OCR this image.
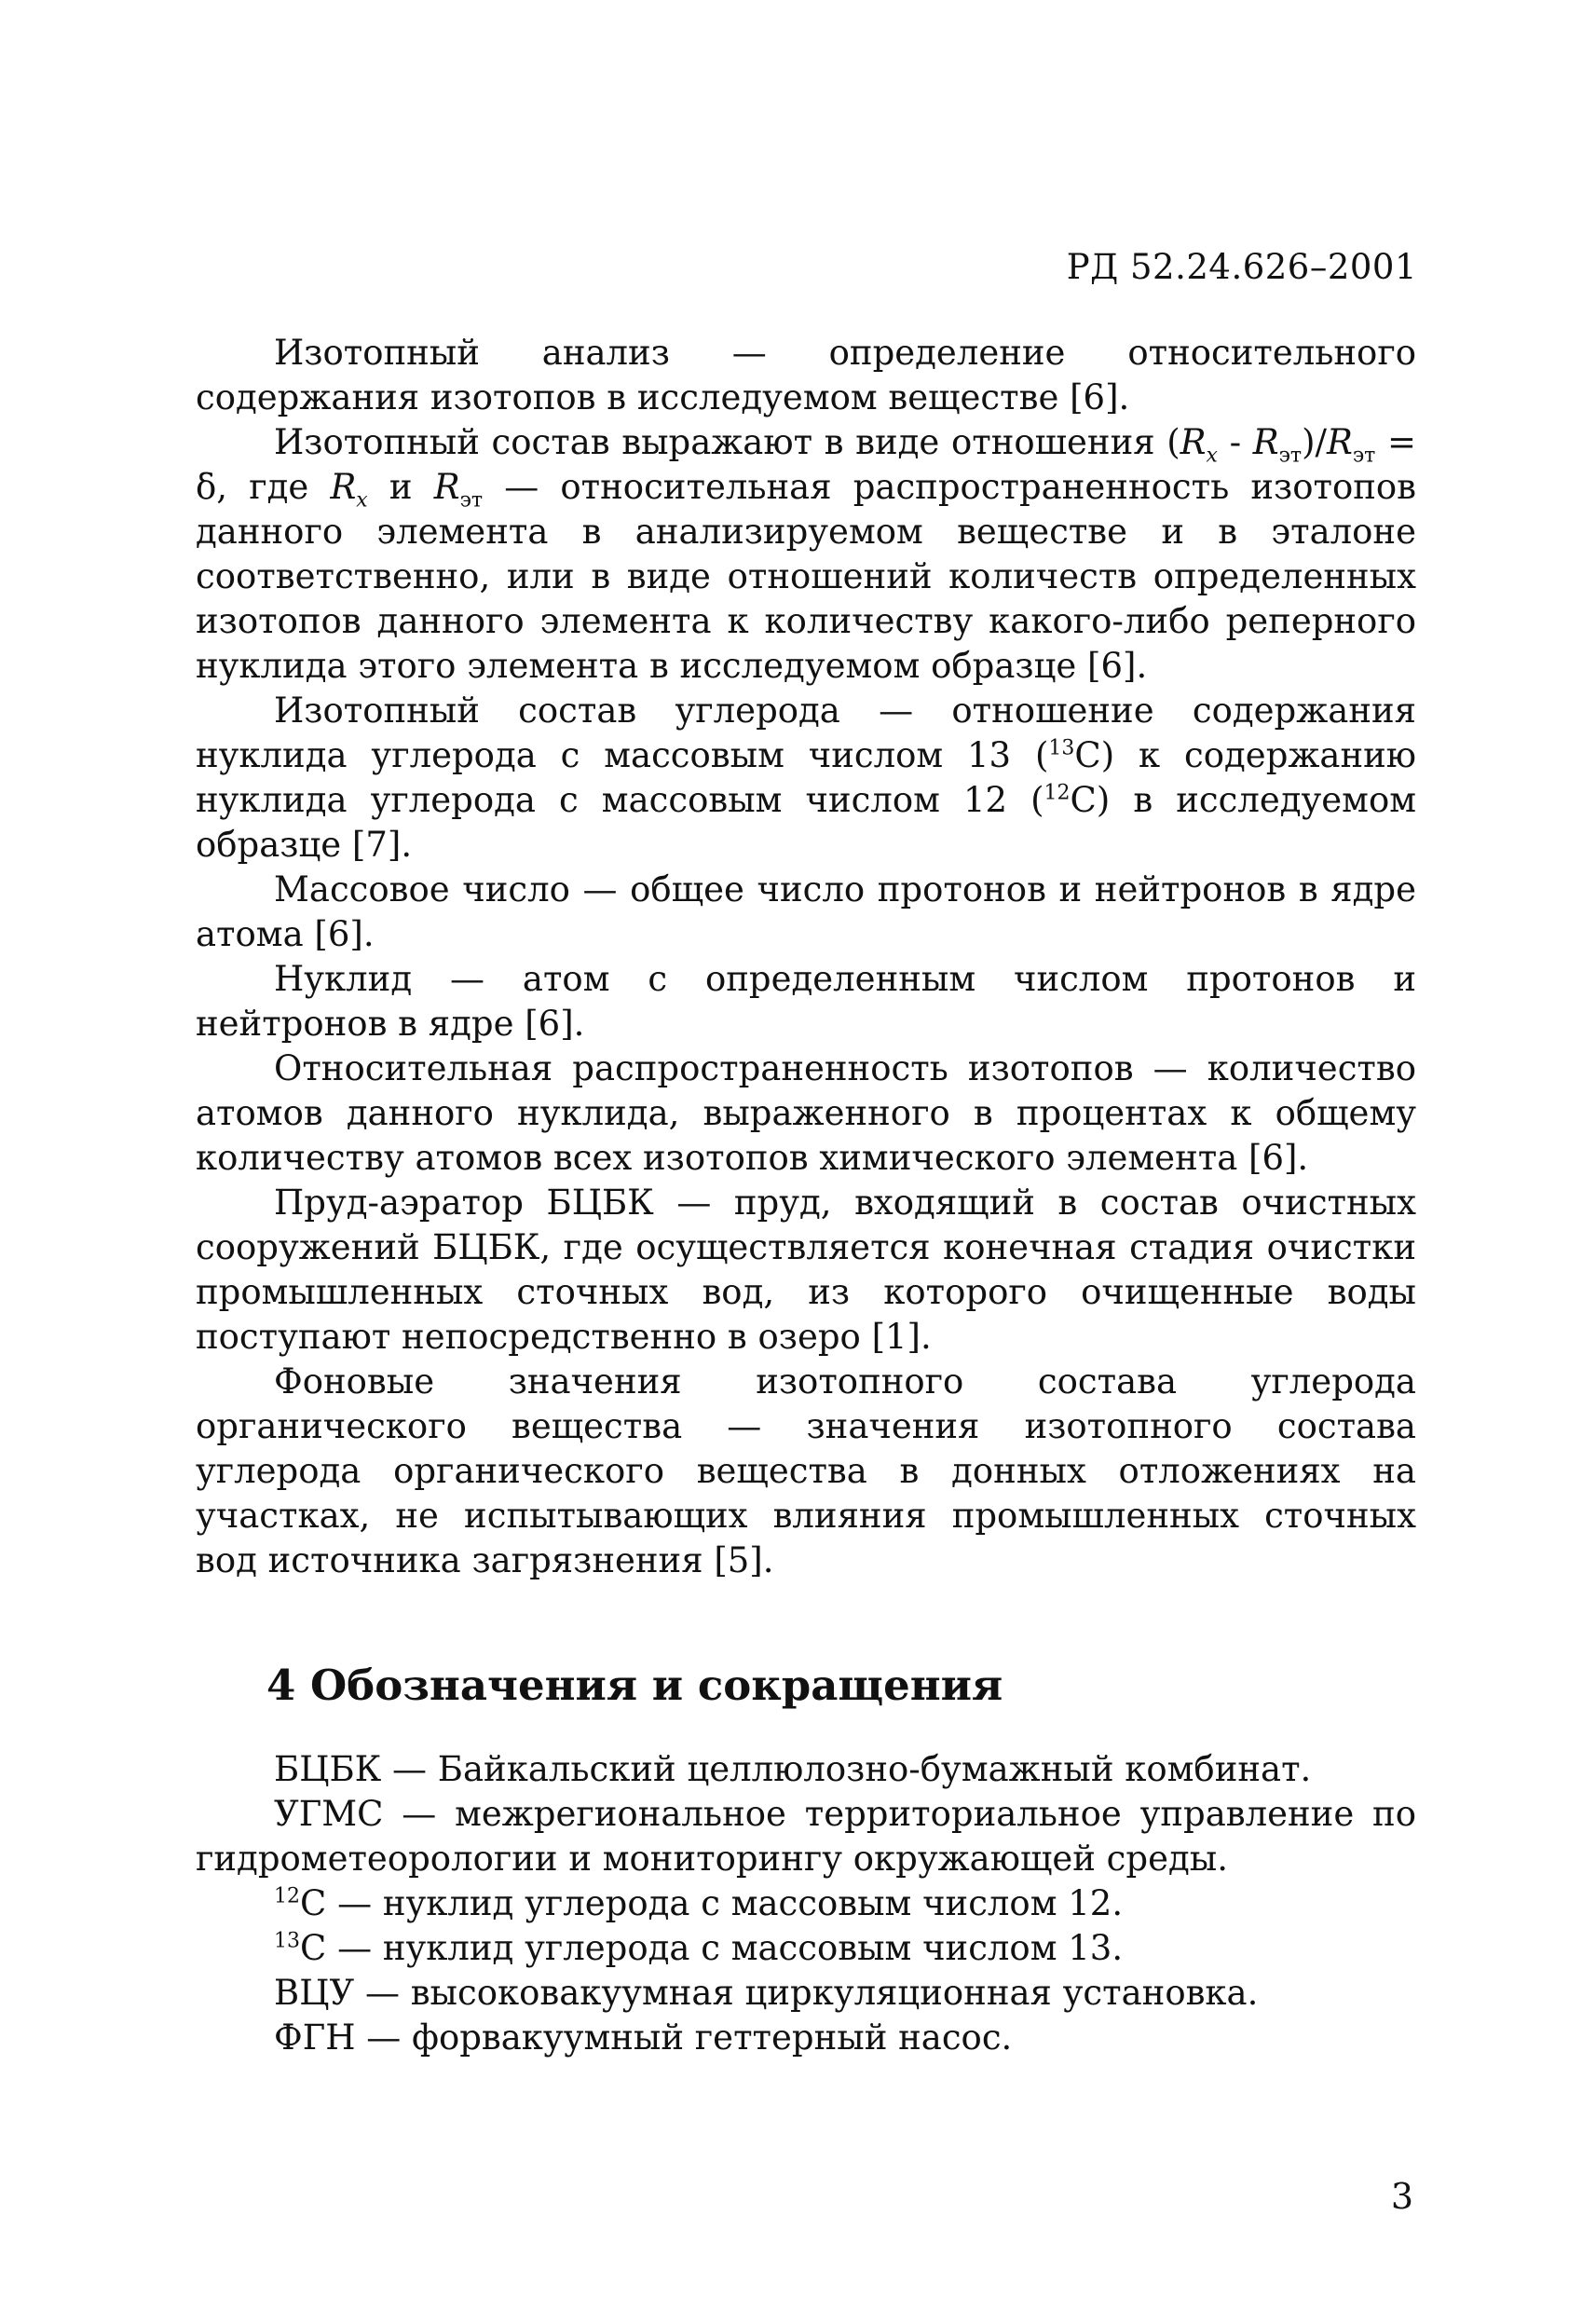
РД 52.24.626–2001

Изотопный анализ — определение относительного содержания изотопов в исследуемом веществе [6].

Изотопный состав выражают в виде отношения $(R_x - R_{эт})/R_{эт} = \delta$, где $R_x$ и $R_{эт}$ — относительная распространенность изотопов данного элемента в анализируемом веществе и в эталоне соответственно, или в виде отношений количеств определенных изотопов данного элемента к количеству какого-либо реперного нуклида этого элемента в исследуемом образце [6].

Изотопный состав углерода — отношение содержания нуклида углерода с массовым числом 13 ($^{13}$С) к содержанию нуклида углерода с массовым числом 12 ($^{12}$С) в исследуемом образце [7].

Массовое число — общее число протонов и нейтронов в ядре атома [6].

Нуклид — атом с определенным числом протонов и нейтронов в ядре [6].

Относительная распространенность изотопов — количество атомов данного нуклида, выраженного в процентах к общему количеству атомов всех изотопов химического элемента [6].

Пруд-аэратор БЦБК — пруд, входящий в состав очистных сооружений БЦБК, где осуществляется конечная стадия очистки промышленных сточных вод, из которого очищенные воды поступают непосредственно в озеро [1].

Фоновые значения изотопного состава углерода органического вещества — значения изотопного состава углерода органического вещества в донных отложениях на участках, не испытывающих влияния промышленных сточных вод источника загрязнения [5].

4 Обозначения и сокращения

БЦБК — Байкальский целлюлозно-бумажный комбинат.

УГМС — межрегиональное территориальное управление по гидрометеорологии и мониторингу окружающей среды.

$^{12}$С — нуклид углерода с массовым числом 12.

$^{13}$С — нуклид углерода с массовым числом 13.

ВЦУ — высоковакуумная циркуляционная установка.

ФГН — форвакуумный геттерный насос.

3
